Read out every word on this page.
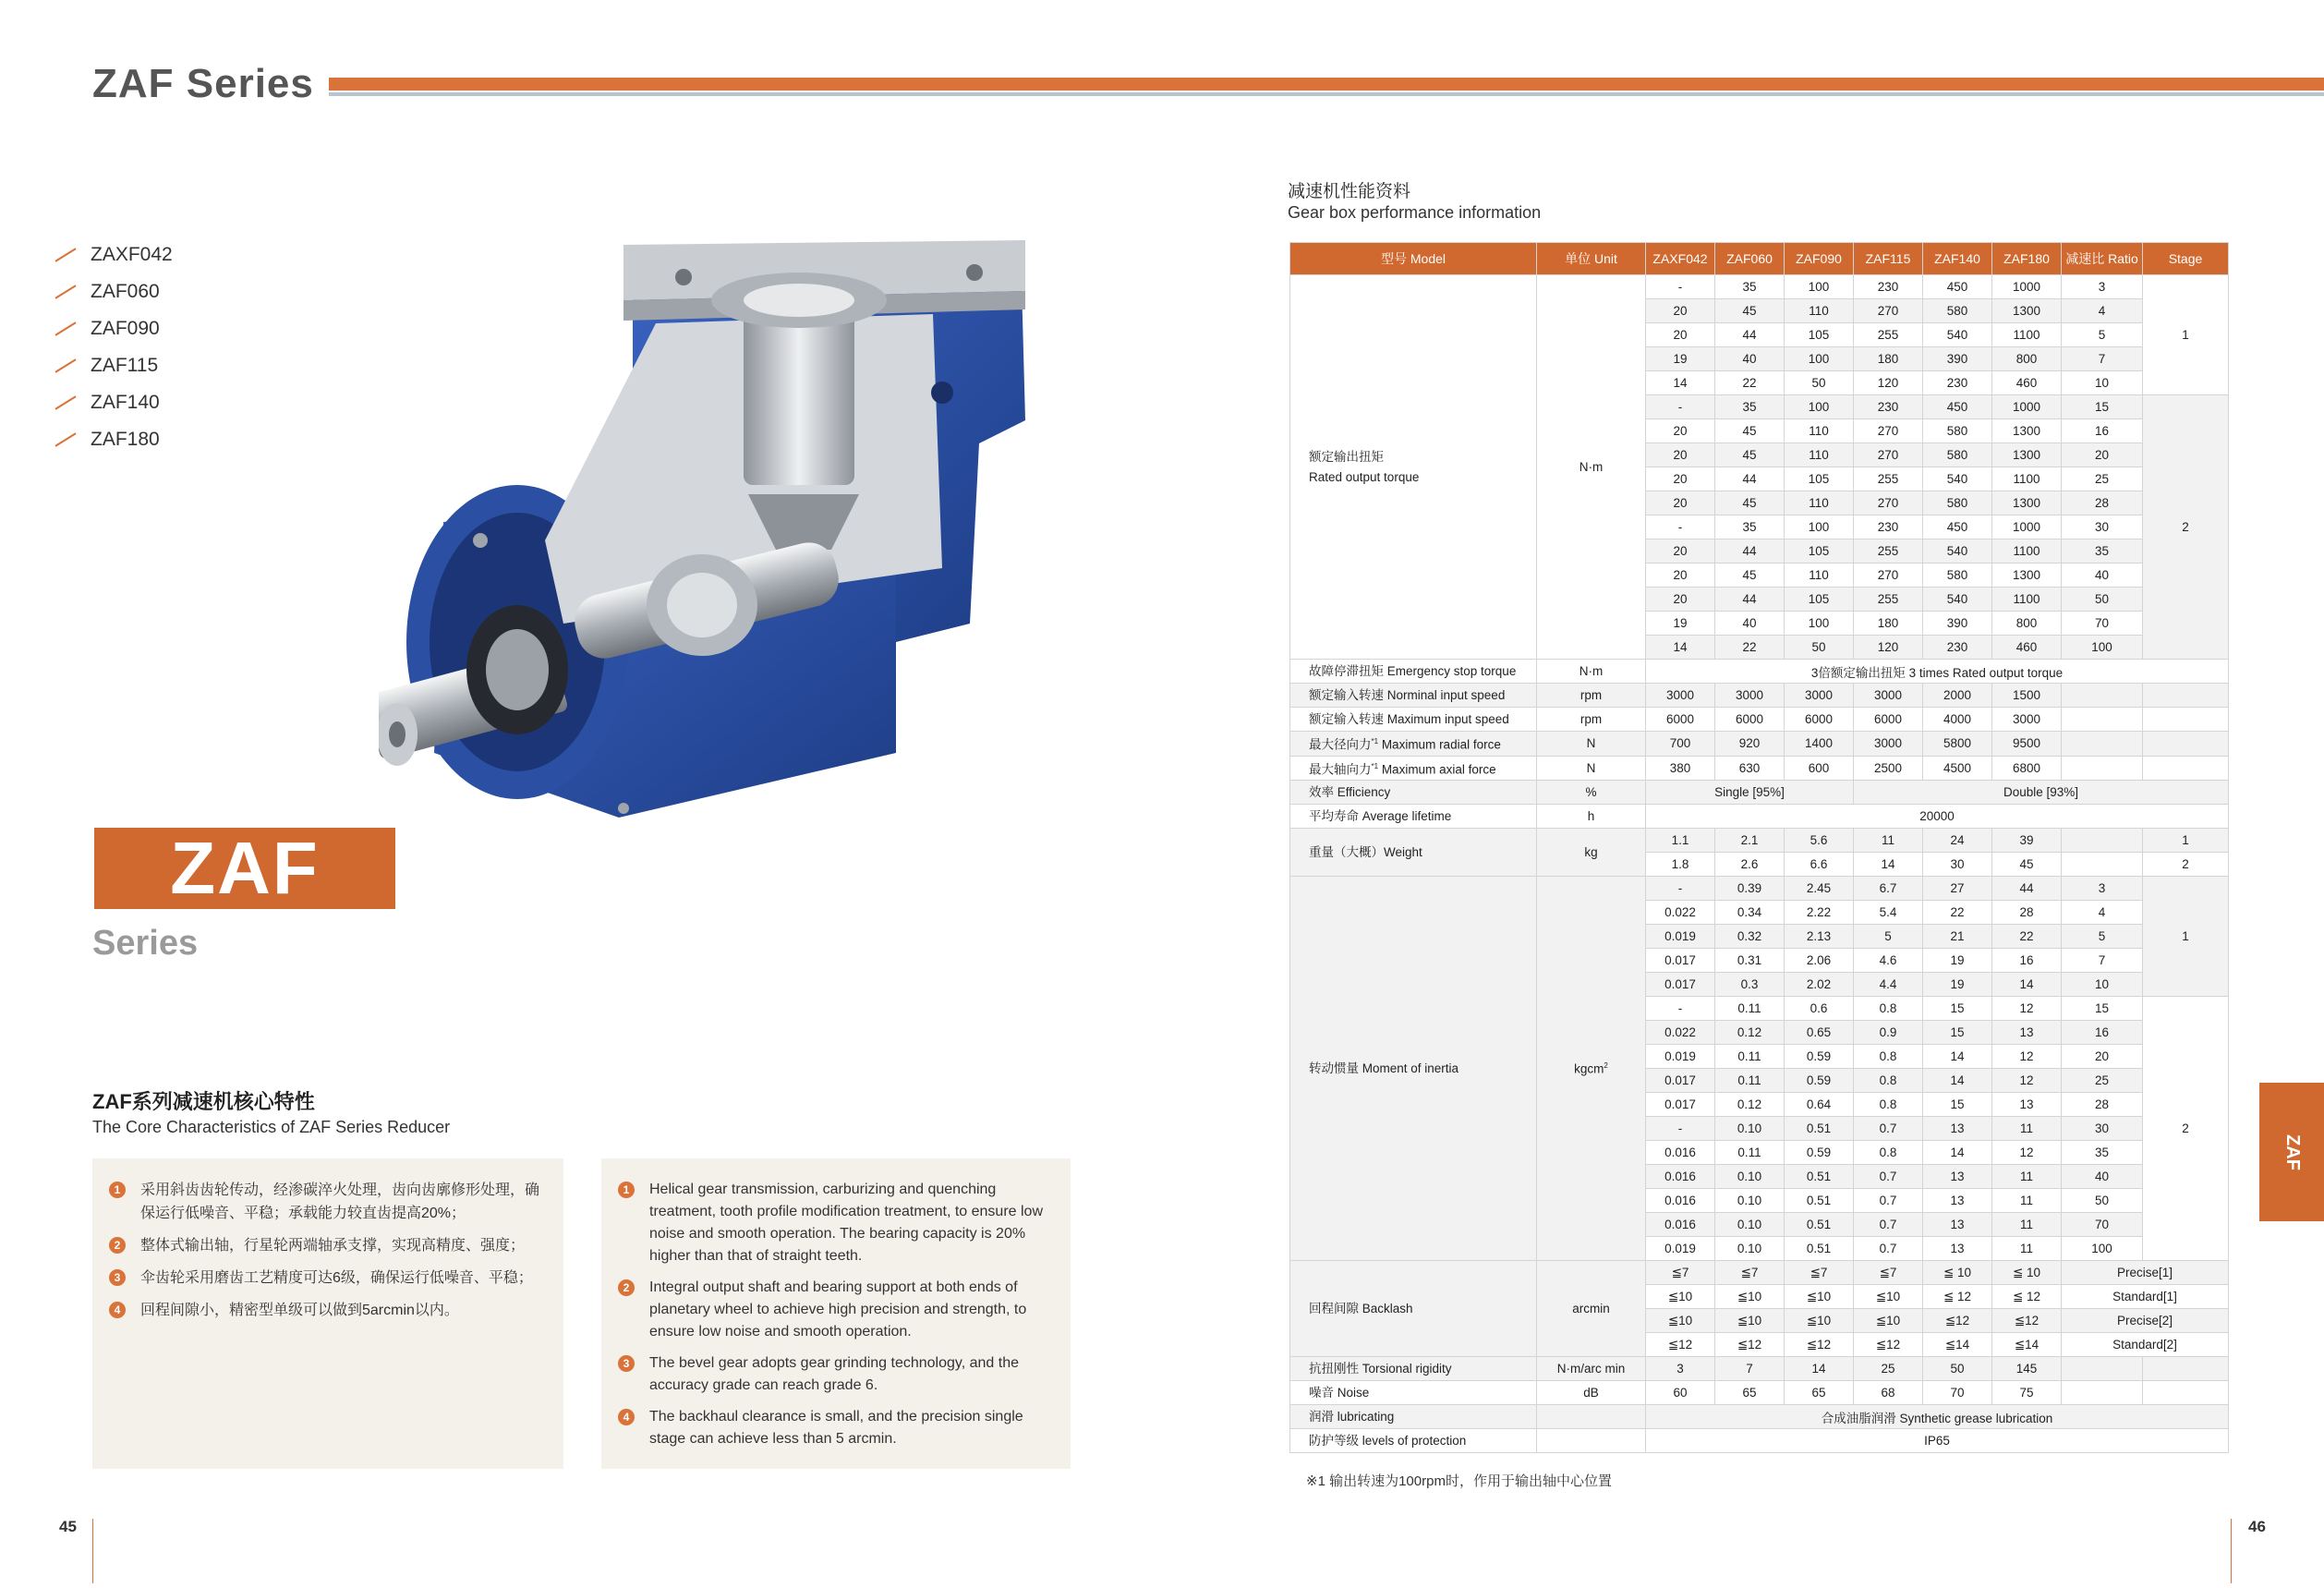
ZAF Series
ZAXF042
ZAF060
ZAF090
ZAF115
ZAF140
ZAF180
ZAF
Series
ZAF系列减速机核心特性
The Core Characteristics of ZAF Series Reducer
1	采用斜齿齿轮传动，经渗碳淬火处理，齿向齿廓修形处理，确保运行低噪音、平稳；承载能力较直齿提高20%；
2	整体式输出轴，行星轮两端轴承支撑，实现高精度、强度；
3	伞齿轮采用磨齿工艺精度可达6级，确保运行低噪音、平稳；
4	回程间隙小，精密型单级可以做到5arcmin以内。
1	Helical gear transmission, carburizing and quenching treatment, tooth profile modification treatment, to ensure low noise and smooth operation. The bearing capacity is 20% higher than that of straight teeth.
2	Integral output shaft and bearing support at both ends of planetary wheel to achieve high precision and strength, to ensure low noise and smooth operation.
3	The bevel gear adopts gear grinding technology, and the accuracy grade can reach grade 6.
4	The backhaul clearance is small, and the precision single stage can achieve less than 5 arcmin.
45	46
ZAF
减速机性能资料
Gear box performance information
型号 Model	单位 Unit	ZAXF042	ZAF060	ZAF090	ZAF115	ZAF140	ZAF180	减速比 Ratio	Stage
额定输出扭矩
Rated output torque	N·m	-	35	100	230	450	1000	3	1
		20	45	110	270	580	1300	4	
		20	44	105	255	540	1100	5	
		19	40	100	180	390	800	7	
		14	22	50	120	230	460	10	
		-	35	100	230	450	1000	15	2
		20	45	110	270	580	1300	16	
		20	45	110	270	580	1300	20	
		20	44	105	255	540	1100	25	
		20	45	110	270	580	1300	28	
		-	35	100	230	450	1000	30	
		20	44	105	255	540	1100	35	
		20	45	110	270	580	1300	40	
		20	44	105	255	540	1100	50	
		19	40	100	180	390	800	70	
		14	22	50	120	230	460	100	
故障停滞扭矩 Emergency stop torque	N·m	3倍额定输出扭矩 3 times Rated output torque							
额定输入转速 Norminal input speed	rpm	3000	3000	3000	3000	2000	1500		
额定输入转速 Maximum input speed	rpm	6000	6000	6000	6000	4000	3000		
最大径向力$^{*1}$ Maximum radial force	N	700	920	1400	3000	5800	9500		
最大轴向力$^{*1}$ Maximum axial force	N	380	630	600	2500	4500	6800		
效率 Efficiency	%	Single [95%]			Double [93%]				
平均寿命 Average lifetime	h	20000							
重量（大概）Weight	kg	1.1	2.1	5.6	11	24	39		1
		1.8	2.6	6.6	14	30	45		2
转动惯量 Moment of inertia	kgcm$^2$	-	0.39	2.45	6.7	27	44	3	1
		0.022	0.34	2.22	5.4	22	28	4	
		0.019	0.32	2.13	5	21	22	5	
		0.017	0.31	2.06	4.6	19	16	7	
		0.017	0.3	2.02	4.4	19	14	10	
		-	0.11	0.6	0.8	15	12	15	2
		0.022	0.12	0.65	0.9	15	13	16	
		0.019	0.11	0.59	0.8	14	12	20	
		0.017	0.11	0.59	0.8	14	12	25	
		0.017	0.12	0.64	0.8	15	13	28	
		-	0.10	0.51	0.7	13	11	30	
		0.016	0.11	0.59	0.8	14	12	35	
		0.016	0.10	0.51	0.7	13	11	40	
		0.016	0.10	0.51	0.7	13	11	50	
		0.016	0.10	0.51	0.7	13	11	70	
		0.019	0.10	0.51	0.7	13	11	100	
回程间隙 Backlash	arcmin	≦7	≦7	≦7	≦7	≦ 10	≦ 10	Precise[1]	
		≦10	≦10	≦10	≦10	≦ 12	≦ 12	Standard[1]	
		≦10	≦10	≦10	≦10	≦12	≦12	Precise[2]	
		≦12	≦12	≦12	≦12	≦14	≦14	Standard[2]	
抗扭刚性 Torsional rigidity	N·m/arc min	3	7	14	25	50	145		
噪音 Noise	dB	60	65	65	68	70	75		
润滑 lubricating		合成油脂润滑 Synthetic grease lubrication							
防护等级 levels of protection		IP65							
※1 输出转速为100rpm时，作用于输出轴中心位置
